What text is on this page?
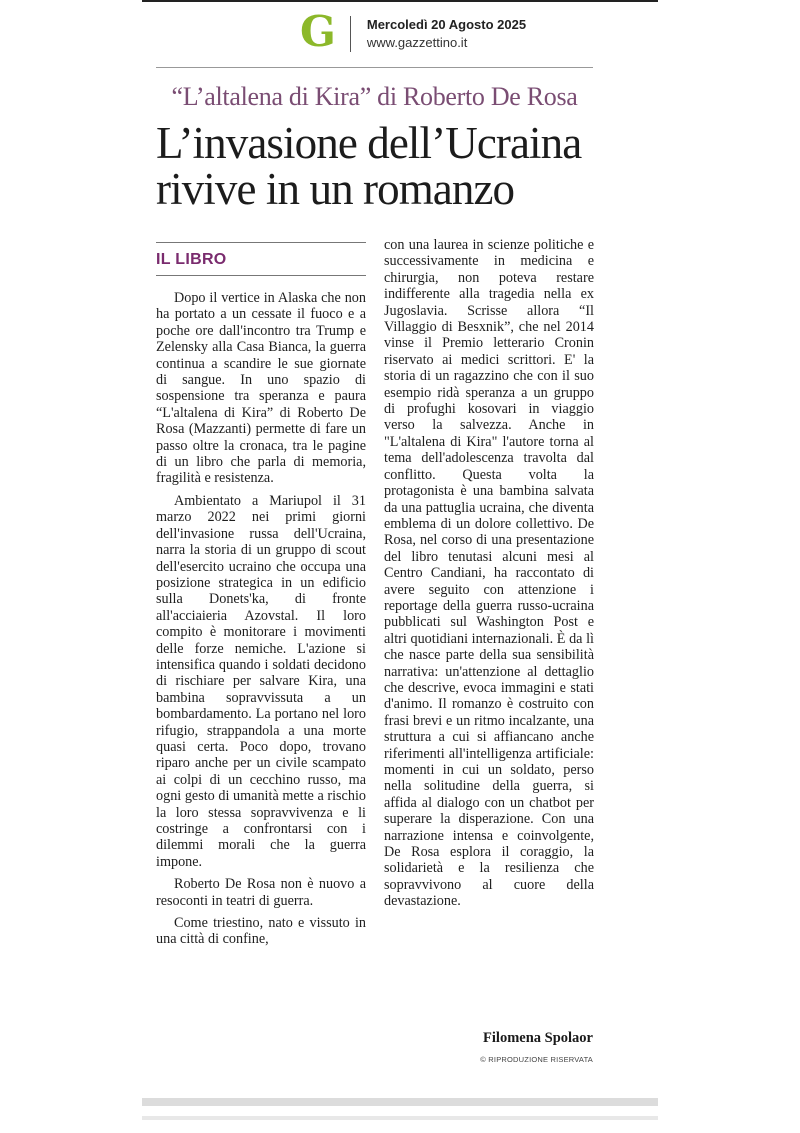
G Mercoledì 20 Agosto 2025
www.gazzettino.it
“L’altalena di Kira” di Roberto De Rosa
L’invasione dell’Ucraina rivive in un romanzo
IL LIBRO

Dopo il vertice in Alaska che non ha portato a un cessate il fuoco e a poche ore dall'incontro tra Trump e Zelensky alla Casa Bianca, la guerra continua a scandire le sue giornate di sangue. In uno spazio di sospensione tra speranza e paura “L'altalena di Kira” di Roberto De Rosa (Mazzanti) permette di fare un passo oltre la cronaca, tra le pagine di un libro che parla di memoria, fragilità e resistenza.

Ambientato a Mariupol il 31 marzo 2022 nei primi giorni dell'invasione russa dell'Ucraina, narra la storia di un gruppo di scout dell'esercito ucraino che occupa una posizione strategica in un edificio sulla Donets'ka, di fronte all'acciaieria Azovstal. Il loro compito è monitorare i movimenti delle forze nemiche. L'azione si intensifica quando i soldati decidono di rischiare per salvare Kira, una bambina sopravvissuta a un bombardamento. La portano nel loro rifugio, strappandola a una morte quasi certa. Poco dopo, trovano riparo anche per un civile scampato ai colpi di un cecchino russo, ma ogni gesto di umanità mette a rischio la loro stessa sopravvivenza e li costringe a confrontarsi con i dilemmi morali che la guerra impone.

Roberto De Rosa non è nuovo a resoconti in teatri di guerra.

Come triestino, nato e vissuto in una città di confine,

con una laurea in scienze politiche e successivamente in medicina e chirurgia, non poteva restare indifferente alla tragedia nella ex Jugoslavia. Scrisse allora “Il Villaggio di Besxnik”, che nel 2014 vinse il Premio letterario Cronin riservato ai medici scrittori. E' la storia di un ragazzino che con il suo esempio ridà speranza a un gruppo di profughi kosovari in viaggio verso la salvezza. Anche in "L'altalena di Kira" l'autore torna al tema dell'adolescenza travolta dal conflitto. Questa volta la protagonista è una bambina salvata da una pattuglia ucraina, che diventa emblema di un dolore collettivo. De Rosa, nel corso di una presentazione del libro tenutasi alcuni mesi al Centro Candiani, ha raccontato di avere seguito con attenzione i reportage della guerra russo-ucraina pubblicati sul Washington Post e altri quotidiani internazionali. È da lì che nasce parte della sua sensibilità narrativa: un'attenzione al dettaglio che descrive, evoca immagini e stati d'animo. Il romanzo è costruito con frasi brevi e un ritmo incalzante, una struttura a cui si affiancano anche riferimenti all'intelligenza artificiale: momenti in cui un soldato, perso nella solitudine della guerra, si affida al dialogo con un chatbot per superare la disperazione. Con una narrazione intensa e coinvolgente, De Rosa esplora il coraggio, la solidarietà e la resilienza che sopravvivono al cuore della devastazione.

Filomena Spolaor
© RIPRODUZIONE RISERVATA
